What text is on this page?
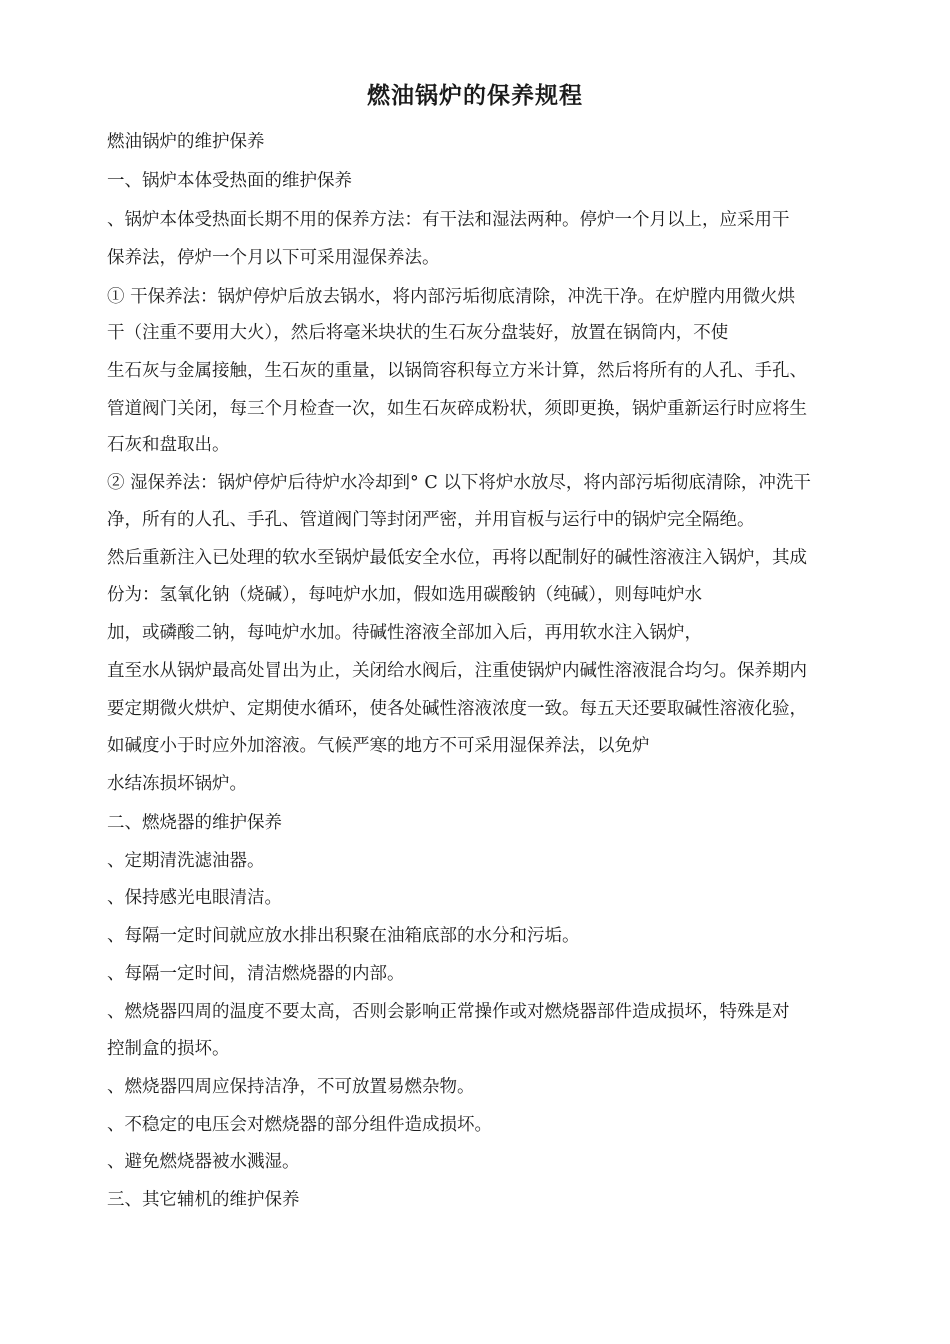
燃油锅炉的保养规程
燃油锅炉的维护保养
一、锅炉本体受热面的维护保养
、锅炉本体受热面长期不用的保养方法：有干法和湿法两种。停炉一个月以上，应采用干
保养法，停炉一个月以下可采用湿保养法。
① 干保养法：锅炉停炉后放去锅水，将内部污垢彻底清除，冲洗干净。在炉膛内用微火烘
干（注重不要用大火），然后将毫米块状的生石灰分盘装好，放置在锅筒内，不使
生石灰与金属接触，生石灰的重量，以锅筒容积每立方米计算，然后将所有的人孔、手孔、
管道阀门关闭，每三个月检查一次，如生石灰碎成粉状，须即更换，锅炉重新运行时应将生
石灰和盘取出。
② 湿保养法：锅炉停炉后待炉水冷却到° C 以下将炉水放尽，将内部污垢彻底清除，冲洗干
净，所有的人孔、手孔、管道阀门等封闭严密，并用盲板与运行中的锅炉完全隔绝。
然后重新注入已处理的软水至锅炉最低安全水位，再将以配制好的碱性溶液注入锅炉，其成
份为：氢氧化钠（烧碱），每吨炉水加，假如选用碳酸钠（纯碱），则每吨炉水
加，或磷酸二钠，每吨炉水加。待碱性溶液全部加入后，再用软水注入锅炉，
直至水从锅炉最高处冒出为止，关闭给水阀后，注重使锅炉内碱性溶液混合均匀。保养期内
要定期微火烘炉、定期使水循环，使各处碱性溶液浓度一致。每五天还要取碱性溶液化验，
如碱度小于时应外加溶液。气候严寒的地方不可采用湿保养法，以免炉
水结冻损坏锅炉。
二、燃烧器的维护保养
、定期清洗滤油器。
、保持感光电眼清洁。
、每隔一定时间就应放水排出积聚在油箱底部的水分和污垢。
、每隔一定时间，清洁燃烧器的内部。
、燃烧器四周的温度不要太高，否则会影响正常操作或对燃烧器部件造成损坏，特殊是对
控制盒的损坏。
、燃烧器四周应保持洁净，不可放置易燃杂物。
、不稳定的电压会对燃烧器的部分组件造成损坏。
、避免燃烧器被水溅湿。
三、其它辅机的维护保养
